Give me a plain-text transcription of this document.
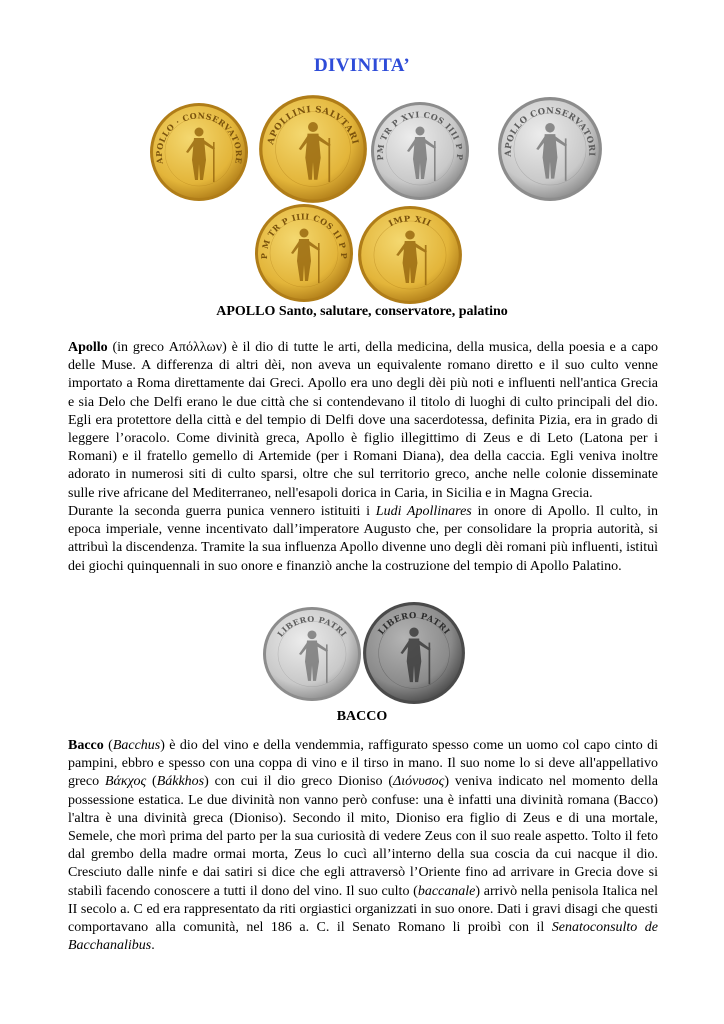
DIVINITA’
APOLLO · CONSERVATORE
APOLLINI SALVTARI
PM TR P XVI COS IIII P P
APOLLO CONSERVATORI
P M TR P IIII COS II P P
IMP XII
APOLLO Santo, salutare, conservatore, palatino

Apollo (in greco Απόλλων) è il dio di tutte le arti, della medicina, della musica, della poesia e a capo delle Muse. A differenza di altri dèi, non aveva un equivalente romano diretto e il suo culto venne importato a Roma direttamente dai Greci. Apollo era uno degli dèi più noti e influenti nell'antica Grecia e sia Delo che Delfi erano le due città che si contendevano il titolo di luoghi di culto principali del dio. Egli era protettore della città e del tempio di Delfi dove una sacerdotessa, definita Pizia, era in grado di leggere l’oracolo. Come divinità greca, Apollo è figlio illegittimo di Zeus e di Leto (Latona per i Romani) e il fratello gemello di Artemide (per i Romani Diana), dea della caccia. Egli veniva inoltre adorato in numerosi siti di culto sparsi, oltre che sul territorio greco, anche nelle colonie disseminate sulle rive africane del Mediterraneo, nell'esapoli dorica in Caria, in Sicilia e in Magna Grecia.

Durante la seconda guerra punica vennero istituiti i Ludi Apollinares in onore di Apollo. Il culto, in epoca imperiale, venne incentivato dall’imperatore Augusto che, per consolidare la propria autorità, si attribuì la discendenza. Tramite la sua influenza Apollo divenne uno degli dèi romani più influenti, istituì dei giochi quinquennali in suo onore e finanziò anche la costruzione del tempio di Apollo Palatino.

LIBERO PATRI	LIBERO PATRI
BACCO

Bacco (Bacchus) è dio del vino e della vendemmia, raffigurato spesso come un uomo col capo cinto di pampini, ebbro e spesso con una coppa di vino e il tirso in mano. Il suo nome lo si deve all'appellativo greco Βάκχος (Bákkhos) con cui il dio greco Dioniso (Διόνυσος) veniva indicato nel momento della possessione estatica. Le due divinità non vanno però confuse: una è infatti una divinità romana (Bacco) l'altra è una divinità greca (Dioniso). Secondo il mito, Dioniso era figlio di Zeus e di una mortale, Semele, che morì prima del parto per la sua curiosità di vedere Zeus con il suo reale aspetto. Tolto il feto dal grembo della madre ormai morta, Zeus lo cucì all’interno della sua coscia da cui nacque il dio. Cresciuto dalle ninfe e dai satiri si dice che egli attraversò l’Oriente fino ad arrivare in Grecia dove si stabilì facendo conoscere a tutti il dono del vino. Il suo culto (baccanale) arrivò nella penisola Italica nel II secolo a. C ed era rappresentato da riti orgiastici organizzati in suo onore. Dati i gravi disagi che questi comportavano alla comunità, nel 186 a. C. il Senato Romano li proibì con il Senatoconsulto de Bacchanalibus.
